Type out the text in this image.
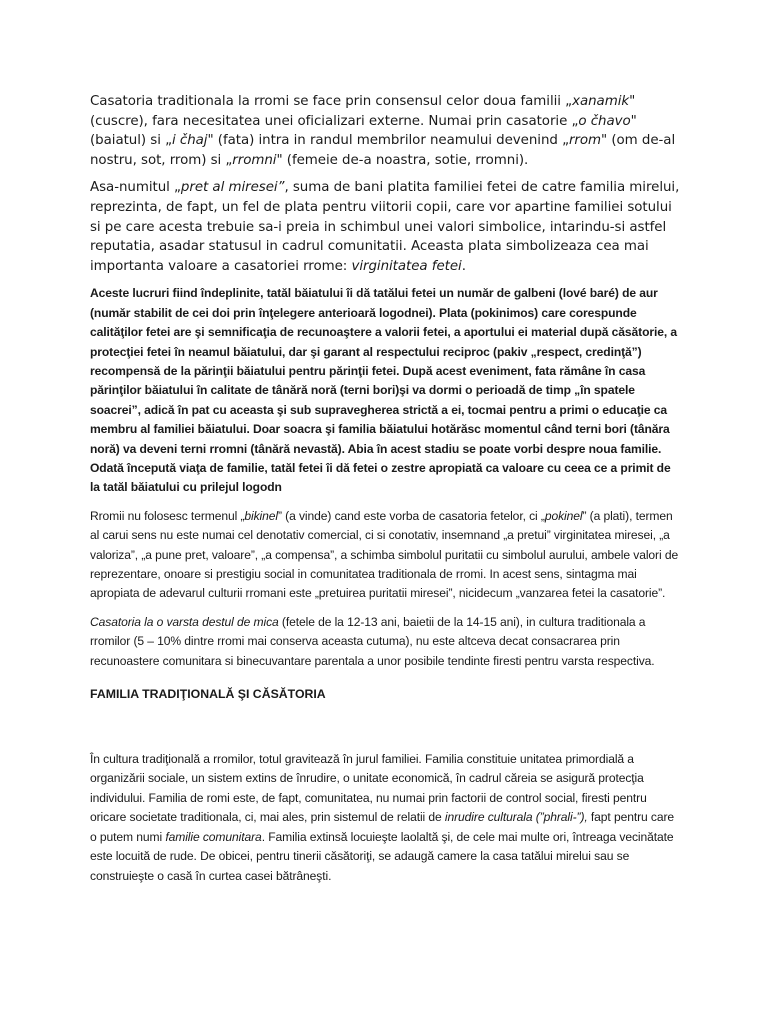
Casatoria traditionala la rromi se face prin consensul celor doua familii „xanamik" (cuscre), fara necesitatea unei oficializari externe. Numai prin casatorie „o čhavo" (baiatul) si „i čhaj" (fata) intra in randul membrilor neamului devenind „rrom" (om de-al nostru, sot, rrom) si „rromni" (femeie de-a noastra, sotie, rromni).

Asa-numitul „pret al miresei”, suma de bani platita familiei fetei de catre familia mirelui, reprezinta, de fapt, un fel de plata pentru viitorii copii, care vor apartine familiei sotului si pe care acesta trebuie sa-i preia in schimbul unei valori simbolice, intarindu-si astfel reputatia, asadar statusul in cadrul comunitatii. Aceasta plata simbolizeaza cea mai importanta valoare a casatoriei rrome: virginitatea fetei.

Aceste lucruri fiind îndeplinite, tatăl băiatului îi dă tatălui fetei un număr de galbeni (lové baré) de aur (număr stabilit de cei doi prin înţelegere anterioară logodnei). Plata (pokinimos) care corespunde calităţilor fetei are şi semnificaţia de recunoaştere a valorii fetei, a aportului ei material după căsătorie, a protecţiei fetei în neamul băiatului, dar şi garant al respectului reciproc (pakiv „respect, credinţă”) recompensă de la părinţii băiatului pentru părinţii fetei. După acest eveniment, fata rămâne în casa părinţilor băiatului în calitate de tânără noră (terni bori)şi va dormi o perioadă de timp „în spatele soacrei”, adică în pat cu aceasta şi sub supravegherea strictă a ei, tocmai pentru a primi o educaţie ca membru al familiei băiatului. Doar soacra şi familia băiatului hotărăsc momentul când terni bori (tânăra noră) va deveni terni rromni (tânără nevastă). Abia în acest stadiu se poate vorbi despre noua familie. Odată începută viaţa de familie, tatăl fetei îi dă fetei o zestre apropiată ca valoare cu ceea ce a primit de la tatăl băiatului cu prilejul logodn

Rromii nu folosesc termenul „bikinel” (a vinde) cand este vorba de casatoria fetelor, ci „pokinel” (a plati), termen al carui sens nu este numai cel denotativ comercial, ci si conotativ, insemnand „a pretui” virginitatea miresei, „a valoriza”, „a pune pret, valoare”, „a compensa”, a schimba simbolul puritatii cu simbolul aurului, ambele valori de reprezentare, onoare si prestigiu social in comunitatea traditionala de rromi. In acest sens, sintagma mai apropiata de adevarul culturii rromani este „pretuirea puritatii miresei”, nicidecum „vanzarea fetei la casatorie”.

Casatoria la o varsta destul de mica (fetele de la 12-13 ani, baietii de la 14-15 ani), in cultura traditionala a rromilor (5 – 10% dintre rromi mai conserva aceasta cutuma), nu este altceva decat consacrarea prin recunoastere comunitara si binecuvantare parentala a unor posibile tendinte firesti pentru varsta respectiva.

FAMILIA TRADIŢIONALĂ ŞI CĂSĂTORIA

În cultura tradiţională a rromilor, totul gravitează în jurul familiei. Familia constituie unitatea primordială a organizării sociale, un sistem extins de înrudire, o unitate economică, în cadrul căreia se asigură protecţia individului. Familia de romi este, de fapt, comunitatea, nu numai prin factorii de control social, firesti pentru oricare societate traditionala, ci, mai ales, prin sistemul de relatii de inrudire culturala (”phrali-”), fapt pentru care o putem numi familie comunitara. Familia extinsă locuieşte laolaltă şi, de cele mai multe ori, întreaga vecinătate este locuită de rude. De obicei, pentru tinerii căsătoriţi, se adaugă camere la casa tatălui mirelui sau se construieşte o casă în curtea casei bătrâneşti.
